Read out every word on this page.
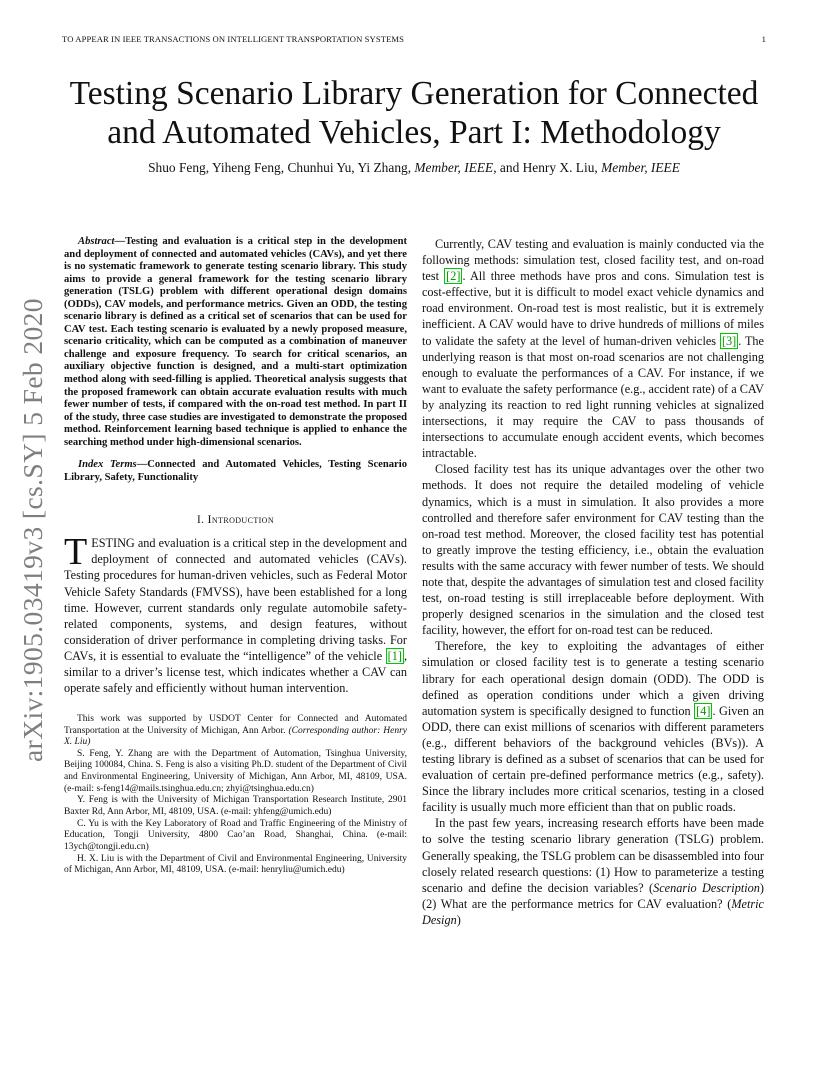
TO APPEAR IN IEEE TRANSACTIONS ON INTELLIGENT TRANSPORTATION SYSTEMS	1
arXiv:1905.03419v3 [cs.SY] 5 Feb 2020
Testing Scenario Library Generation for Connected
and Automated Vehicles, Part I: Methodology
Shuo Feng, Yiheng Feng, Chunhui Yu, Yi Zhang, Member, IEEE, and Henry X. Liu, Member, IEEE

Abstract—Testing and evaluation is a critical step in the development and deployment of connected and automated vehicles (CAVs), and yet there is no systematic framework to generate testing scenario library. This study aims to provide a general framework for the testing scenario library generation (TSLG) problem with different operational design domains (ODDs), CAV models, and performance metrics. Given an ODD, the testing scenario library is defined as a critical set of scenarios that can be used for CAV test. Each testing scenario is evaluated by a newly proposed measure, scenario criticality, which can be computed as a combination of maneuver challenge and exposure frequency. To search for critical scenarios, an auxiliary objective function is designed, and a multi-start optimization method along with seed-filling is applied. Theoretical analysis suggests that the proposed framework can obtain accurate evaluation results with much fewer number of tests, if compared with the on-road test method. In part II of the study, three case studies are investigated to demonstrate the proposed method. Reinforcement learning based technique is applied to enhance the searching method under high-dimensional scenarios.

Index Terms—Connected and Automated Vehicles, Testing Scenario Library, Safety, Functionality

I. Introduction

TESTING and evaluation is a critical step in the development and deployment of connected and automated vehicles (CAVs). Testing procedures for human-driven vehicles, such as Federal Motor Vehicle Safety Standards (FMVSS), have been established for a long time. However, current standards only regulate automobile safety-related components, systems, and design features, without consideration of driver performance in completing driving tasks. For CAVs, it is essential to evaluate the “intelligence” of the vehicle [1] , similar to a driver’s license test, which indicates whether a CAV can operate safely and efficiently without human intervention.

This work was supported by USDOT Center for Connected and Automated Transportation at the University of Michigan, Ann Arbor. (Corresponding author: Henry X. Liu)

S. Feng, Y. Zhang are with the Department of Automation, Tsinghua University, Beijing 100084, China. S. Feng is also a visiting Ph.D. student of the Department of Civil and Environmental Engineering, University of Michigan, Ann Arbor, MI, 48109, USA. (e-mail: s-feng14@mails.tsinghua.edu.cn; zhyi@tsinghua.edu.cn)

Y. Feng is with the University of Michigan Transportation Research Institute, 2901 Baxter Rd, Ann Arbor, MI, 48109, USA. (e-mail: yhfeng@umich.edu)

C. Yu is with the Key Laboratory of Road and Traffic Engineering of the Ministry of Education, Tongji University, 4800 Cao’an Road, Shanghai, China. (e-mail: 13ych@tongji.edu.cn)

H. X. Liu is with the Department of Civil and Environmental Engineering, University of Michigan, Ann Arbor, MI, 48109, USA. (e-mail: henryliu@umich.edu)

Currently, CAV testing and evaluation is mainly conducted via the following methods: simulation test, closed facility test, and on-road test [2] . All three methods have pros and cons. Simulation test is cost-effective, but it is difficult to model exact vehicle dynamics and road environment. On-road test is most realistic, but it is extremely inefficient. A CAV would have to drive hundreds of millions of miles to validate the safety at the level of human-driven vehicles [3] . The underlying reason is that most on-road scenarios are not challenging enough to evaluate the performances of a CAV. For instance, if we want to evaluate the safety performance (e.g., accident rate) of a CAV by analyzing its reaction to red light running vehicles at signalized intersections, it may require the CAV to pass thousands of intersections to accumulate enough accident events, which becomes intractable.

Closed facility test has its unique advantages over the other two methods. It does not require the detailed modeling of vehicle dynamics, which is a must in simulation. It also provides a more controlled and therefore safer environment for CAV testing than the on-road test method. Moreover, the closed facility test has potential to greatly improve the testing efficiency, i.e., obtain the evaluation results with the same accuracy with fewer number of tests. We should note that, despite the advantages of simulation test and closed facility test, on-road testing is still irreplaceable before deployment. With properly designed scenarios in the simulation and the closed test facility, however, the effort for on-road test can be reduced.

Therefore, the key to exploiting the advantages of either simulation or closed facility test is to generate a testing scenario library for each operational design domain (ODD). The ODD is defined as operation conditions under which a given driving automation system is specifically designed to function [4] . Given an ODD, there can exist millions of scenarios with different parameters (e.g., different behaviors of the background vehicles (BVs)). A testing library is defined as a subset of scenarios that can be used for evaluation of certain pre-defined performance metrics (e.g., safety). Since the library includes more critical scenarios, testing in a closed facility is usually much more efficient than that on public roads.

In the past few years, increasing research efforts have been made to solve the testing scenario library generation (TSLG) problem. Generally speaking, the TSLG problem can be disassembled into four closely related research questions: (1) How to parameterize a testing scenario and define the decision variables? (Scenario Description) (2) What are the performance metrics for CAV evaluation? (Metric Design)
